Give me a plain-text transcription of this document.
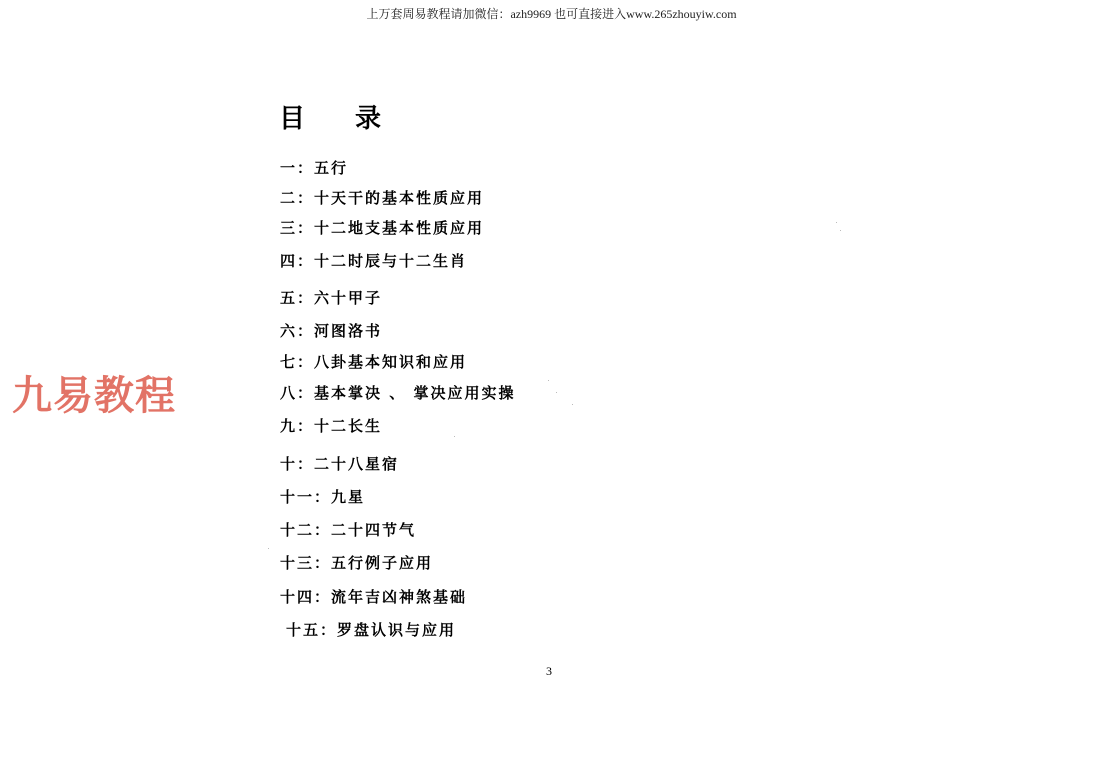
上万套周易教程请加微信：azh9969 也可直接进入www.265zhouyiw.com
九易教程
目录
一：五行
二：十天干的基本性质应用
三：十二地支基本性质应用
四：十二时辰与十二生肖
五：六十甲子
六：河图洛书
七：八卦基本知识和应用
八：基本掌决 、 掌决应用实操
九：十二长生
十：二十八星宿
十一：九星
十二：二十四节气
十三：五行例子应用
十四：流年吉凶神煞基础
十五：罗盘认识与应用
3
